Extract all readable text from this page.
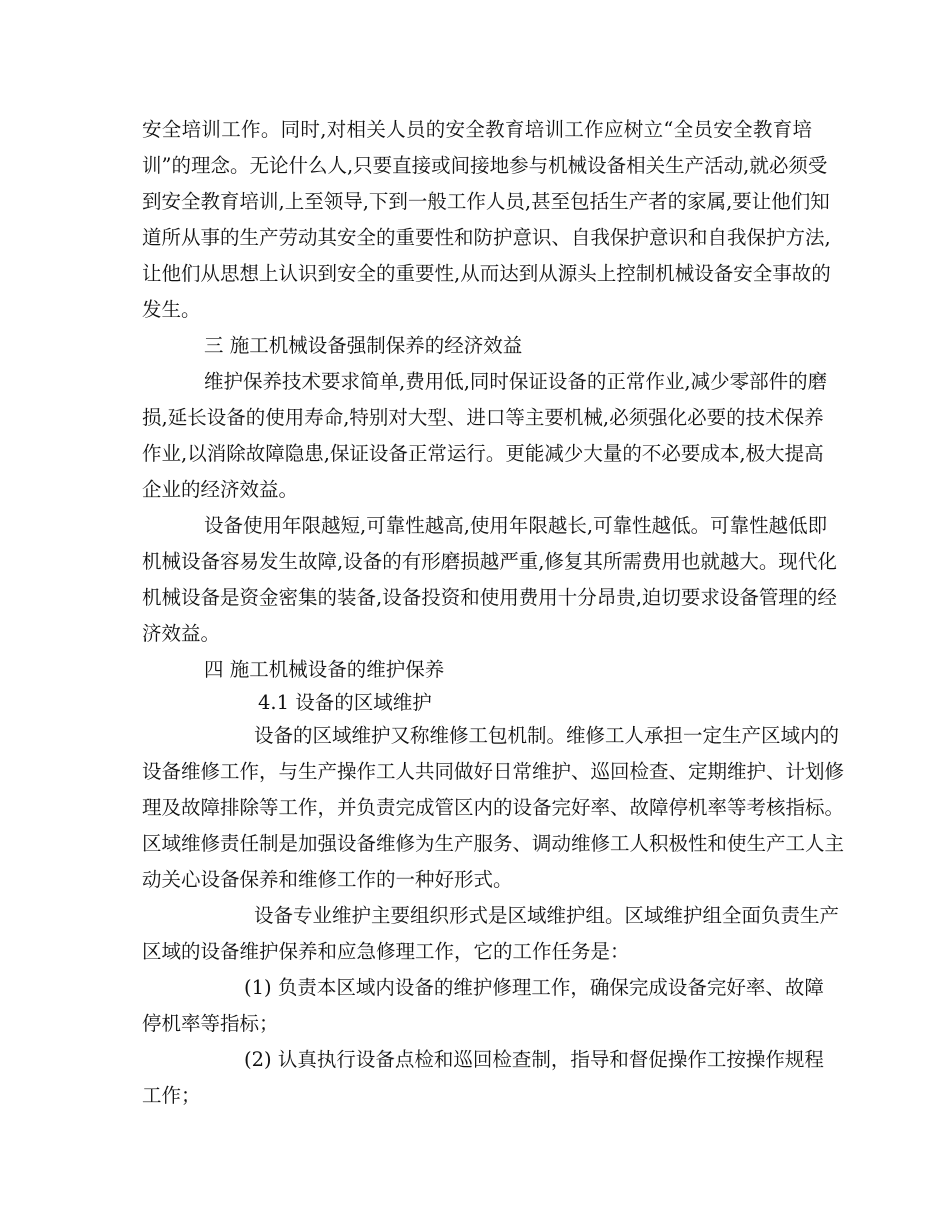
安全培训工作。同时,对相关人员的安全教育培训工作应树立“全员安全教育培
训”的理念。无论什么人,只要直接或间接地参与机械设备相关生产活动,就必须受
到安全教育培训,上至领导,下到一般工作人员,甚至包括生产者的家属,要让他们知
道所从事的生产劳动其安全的重要性和防护意识、自我保护意识和自我保护方法,
让他们从思想上认识到安全的重要性,从而达到从源头上控制机械设备安全事故的
发生。
三 施工机械设备强制保养的经济效益
维护保养技术要求简单,费用低,同时保证设备的正常作业,减少零部件的磨
损,延长设备的使用寿命,特别对大型、进口等主要机械,必须强化必要的技术保养
作业,以消除故障隐患,保证设备正常运行。更能减少大量的不必要成本,极大提高
企业的经济效益。
设备使用年限越短,可靠性越高,使用年限越长,可靠性越低。可靠性越低即
机械设备容易发生故障,设备的有形磨损越严重,修复其所需费用也就越大。现代化
机械设备是资金密集的装备,设备投资和使用费用十分昂贵,迫切要求设备管理的经
济效益。
四 施工机械设备的维护保养
4.1 设备的区域维护
设备的区域维护又称维修工包机制。维修工人承担一定生产区域内的
设备维修工作，与生产操作工人共同做好日常维护、巡回检查、定期维护、计划修
理及故障排除等工作，并负责完成管区内的设备完好率、故障停机率等考核指标。
区域维修责任制是加强设备维修为生产服务、调动维修工人积极性和使生产工人主
动关心设备保养和维修工作的一种好形式。
设备专业维护主要组织形式是区域维护组。区域维护组全面负责生产
区域的设备维护保养和应急修理工作，它的工作任务是：
(1) 负责本区域内设备的维护修理工作，确保完成设备完好率、故障
停机率等指标；
(2) 认真执行设备点检和巡回检查制，指导和督促操作工按操作规程
工作；
